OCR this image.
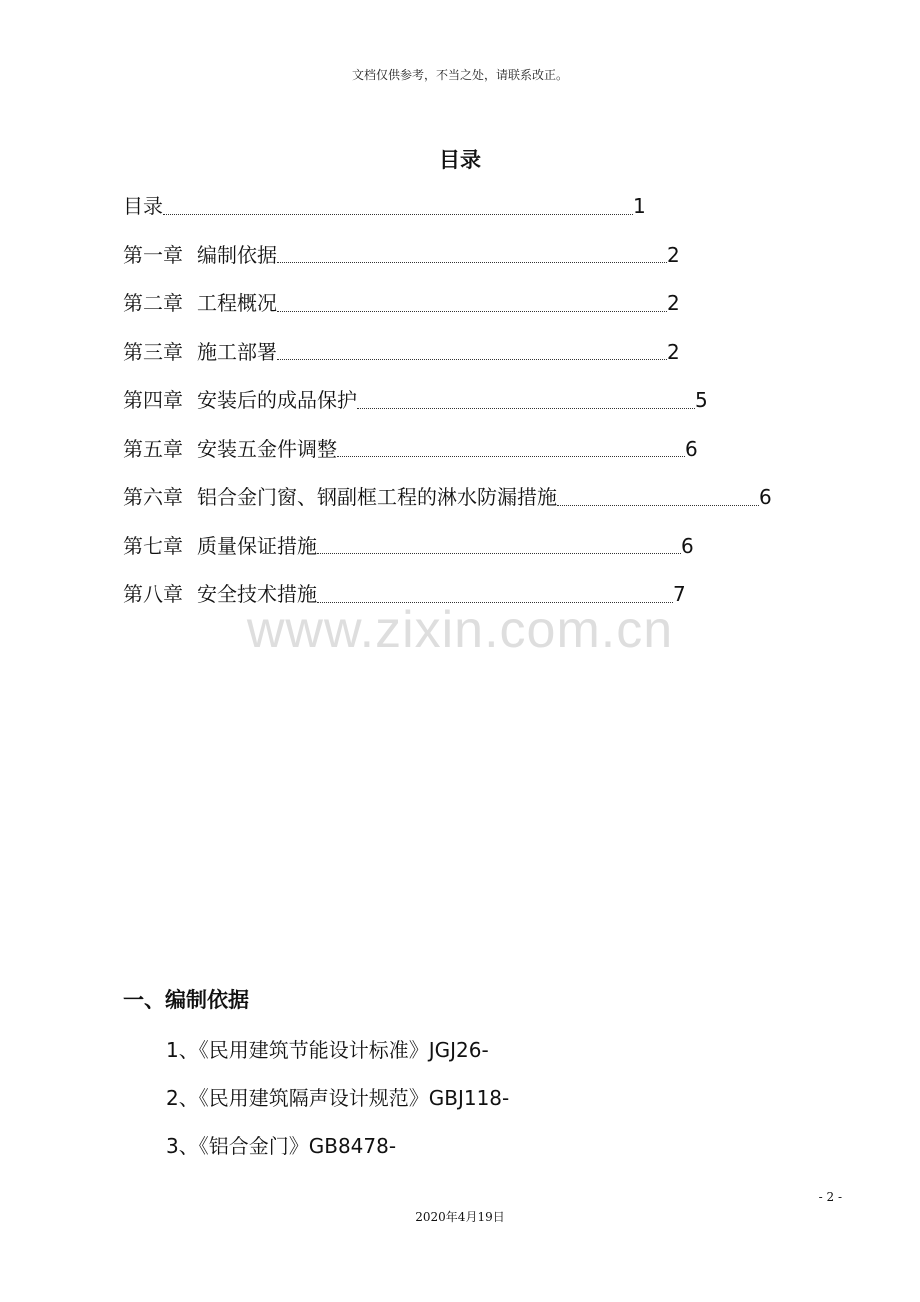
文档仅供参考，不当之处，请联系改正。
目录
目录	1
第一章 编制依据	2
第二章 工程概况	2
第三章 施工部署	2
第四章 安装后的成品保护	5
第五章 安装五金件调整	6
第六章 铝合金门窗、钢副框工程的淋水防漏措施	6
第七章 质量保证措施	6
第八章 安全技术措施	7
www.zixin.com.cn
一、编制依据
1、《民用建筑节能设计标准》JGJ26-
2、《民用建筑隔声设计规范》GBJ118-
3、《铝合金门》GB8478-
- 2 -
2020年4月19日
